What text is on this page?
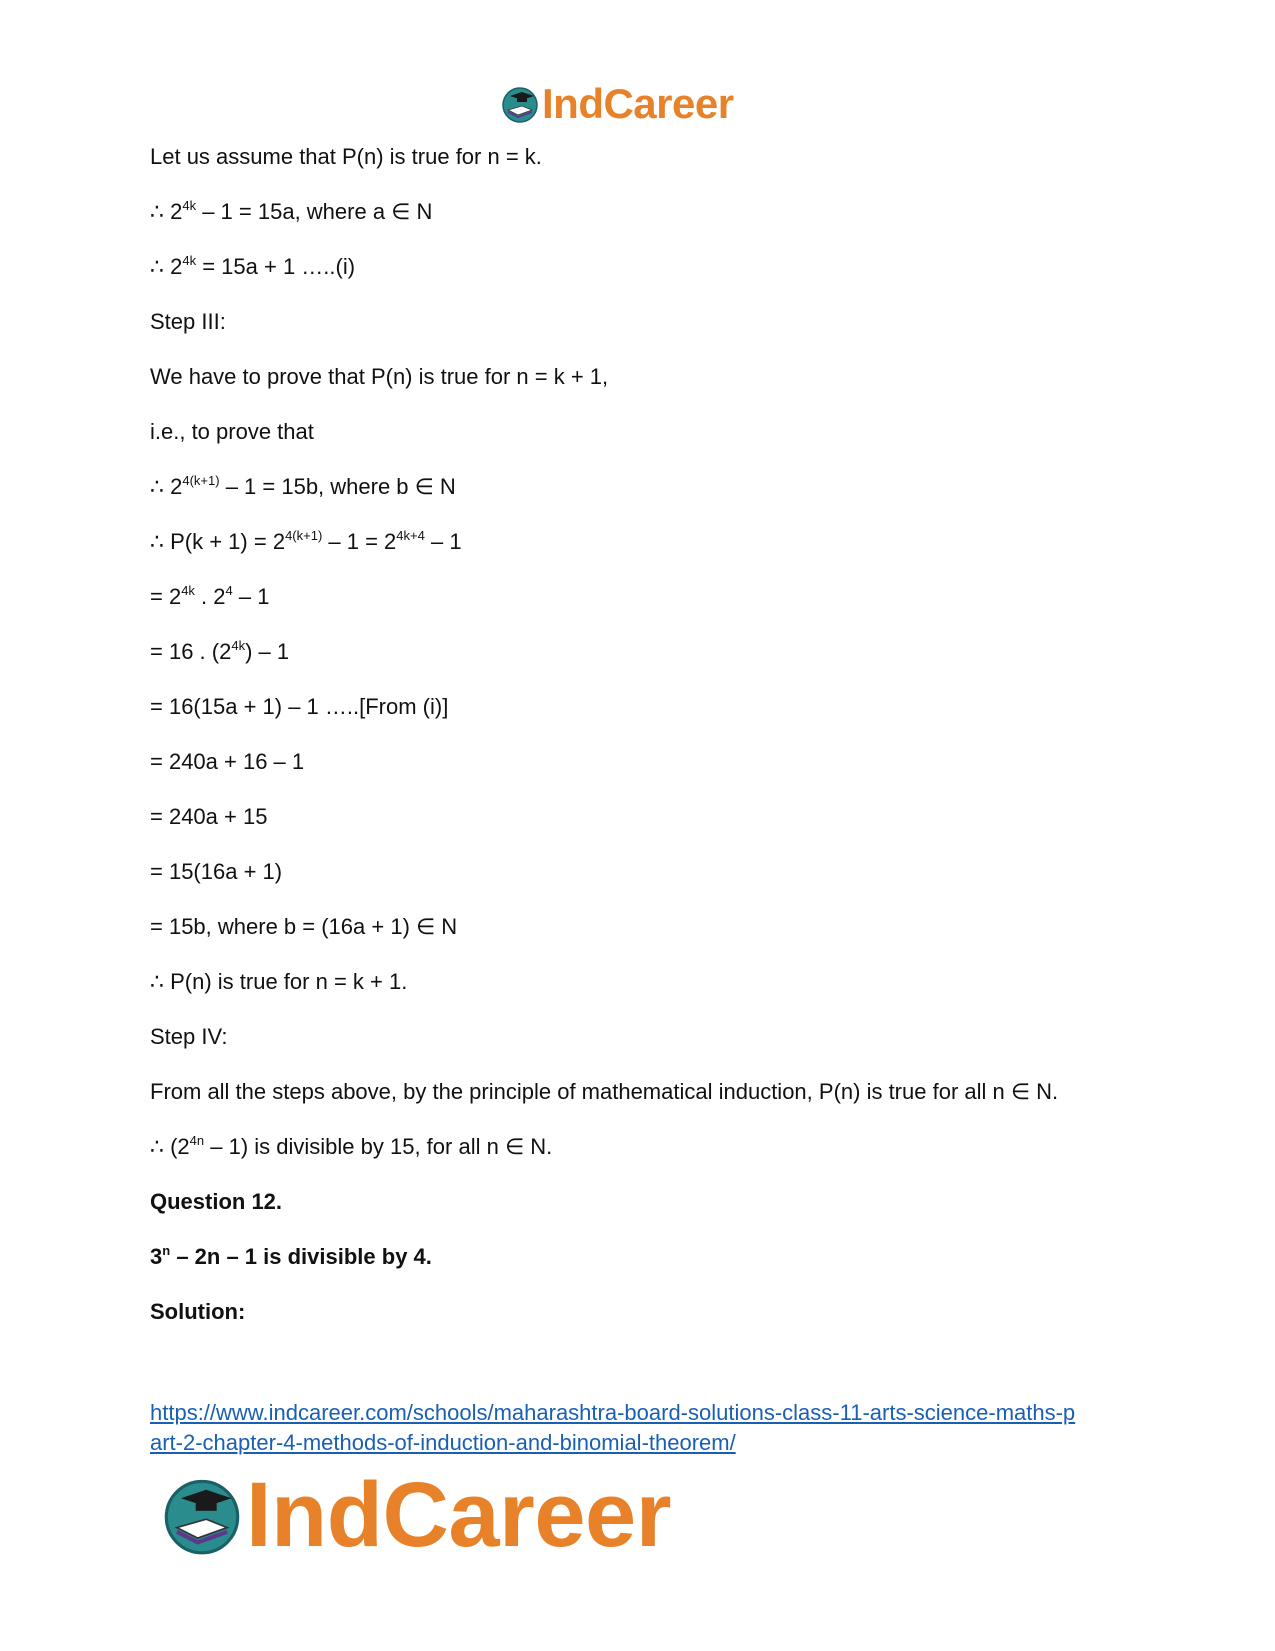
IndCareer
Let us assume that P(n) is true for n = k.
∴ $2^{4k} - 1 = 15a$, where a ∈ N
∴ $2^{4k} = 15a + 1$ …..(i)
Step III:
We have to prove that P(n) is true for n = k + 1,
i.e., to prove that
∴ $2^{4(k+1)} - 1 = 15b$, where b ∈ N
∴ $P(k + 1) = 2^{4(k+1)} - 1 = 2^{4k+4} - 1$
= $2^{4k}$ . $2^4 - 1$
= 16 . $(2^{4k}) - 1$
= 16(15a + 1) – 1 …..[From (i)]
= 240a + 16 – 1
= 240a + 15
= 15(16a + 1)
= 15b, where b = (16a + 1) ∈ N
∴ P(n) is true for n = k + 1.
Step IV:
From all the steps above, by the principle of mathematical induction, P(n) is true for all n ∈ N.
∴ $(2^{4n} - 1)$ is divisible by 15, for all n ∈ N.
Question 12.
3$^n$ – 2n – 1 is divisible by 4.
Solution:
https://www.indcareer.com/schools/maharashtra-board-solutions-class-11-arts-science-maths-p
art-2-chapter-4-methods-of-induction-and-binomial-theorem/
IndCareer
